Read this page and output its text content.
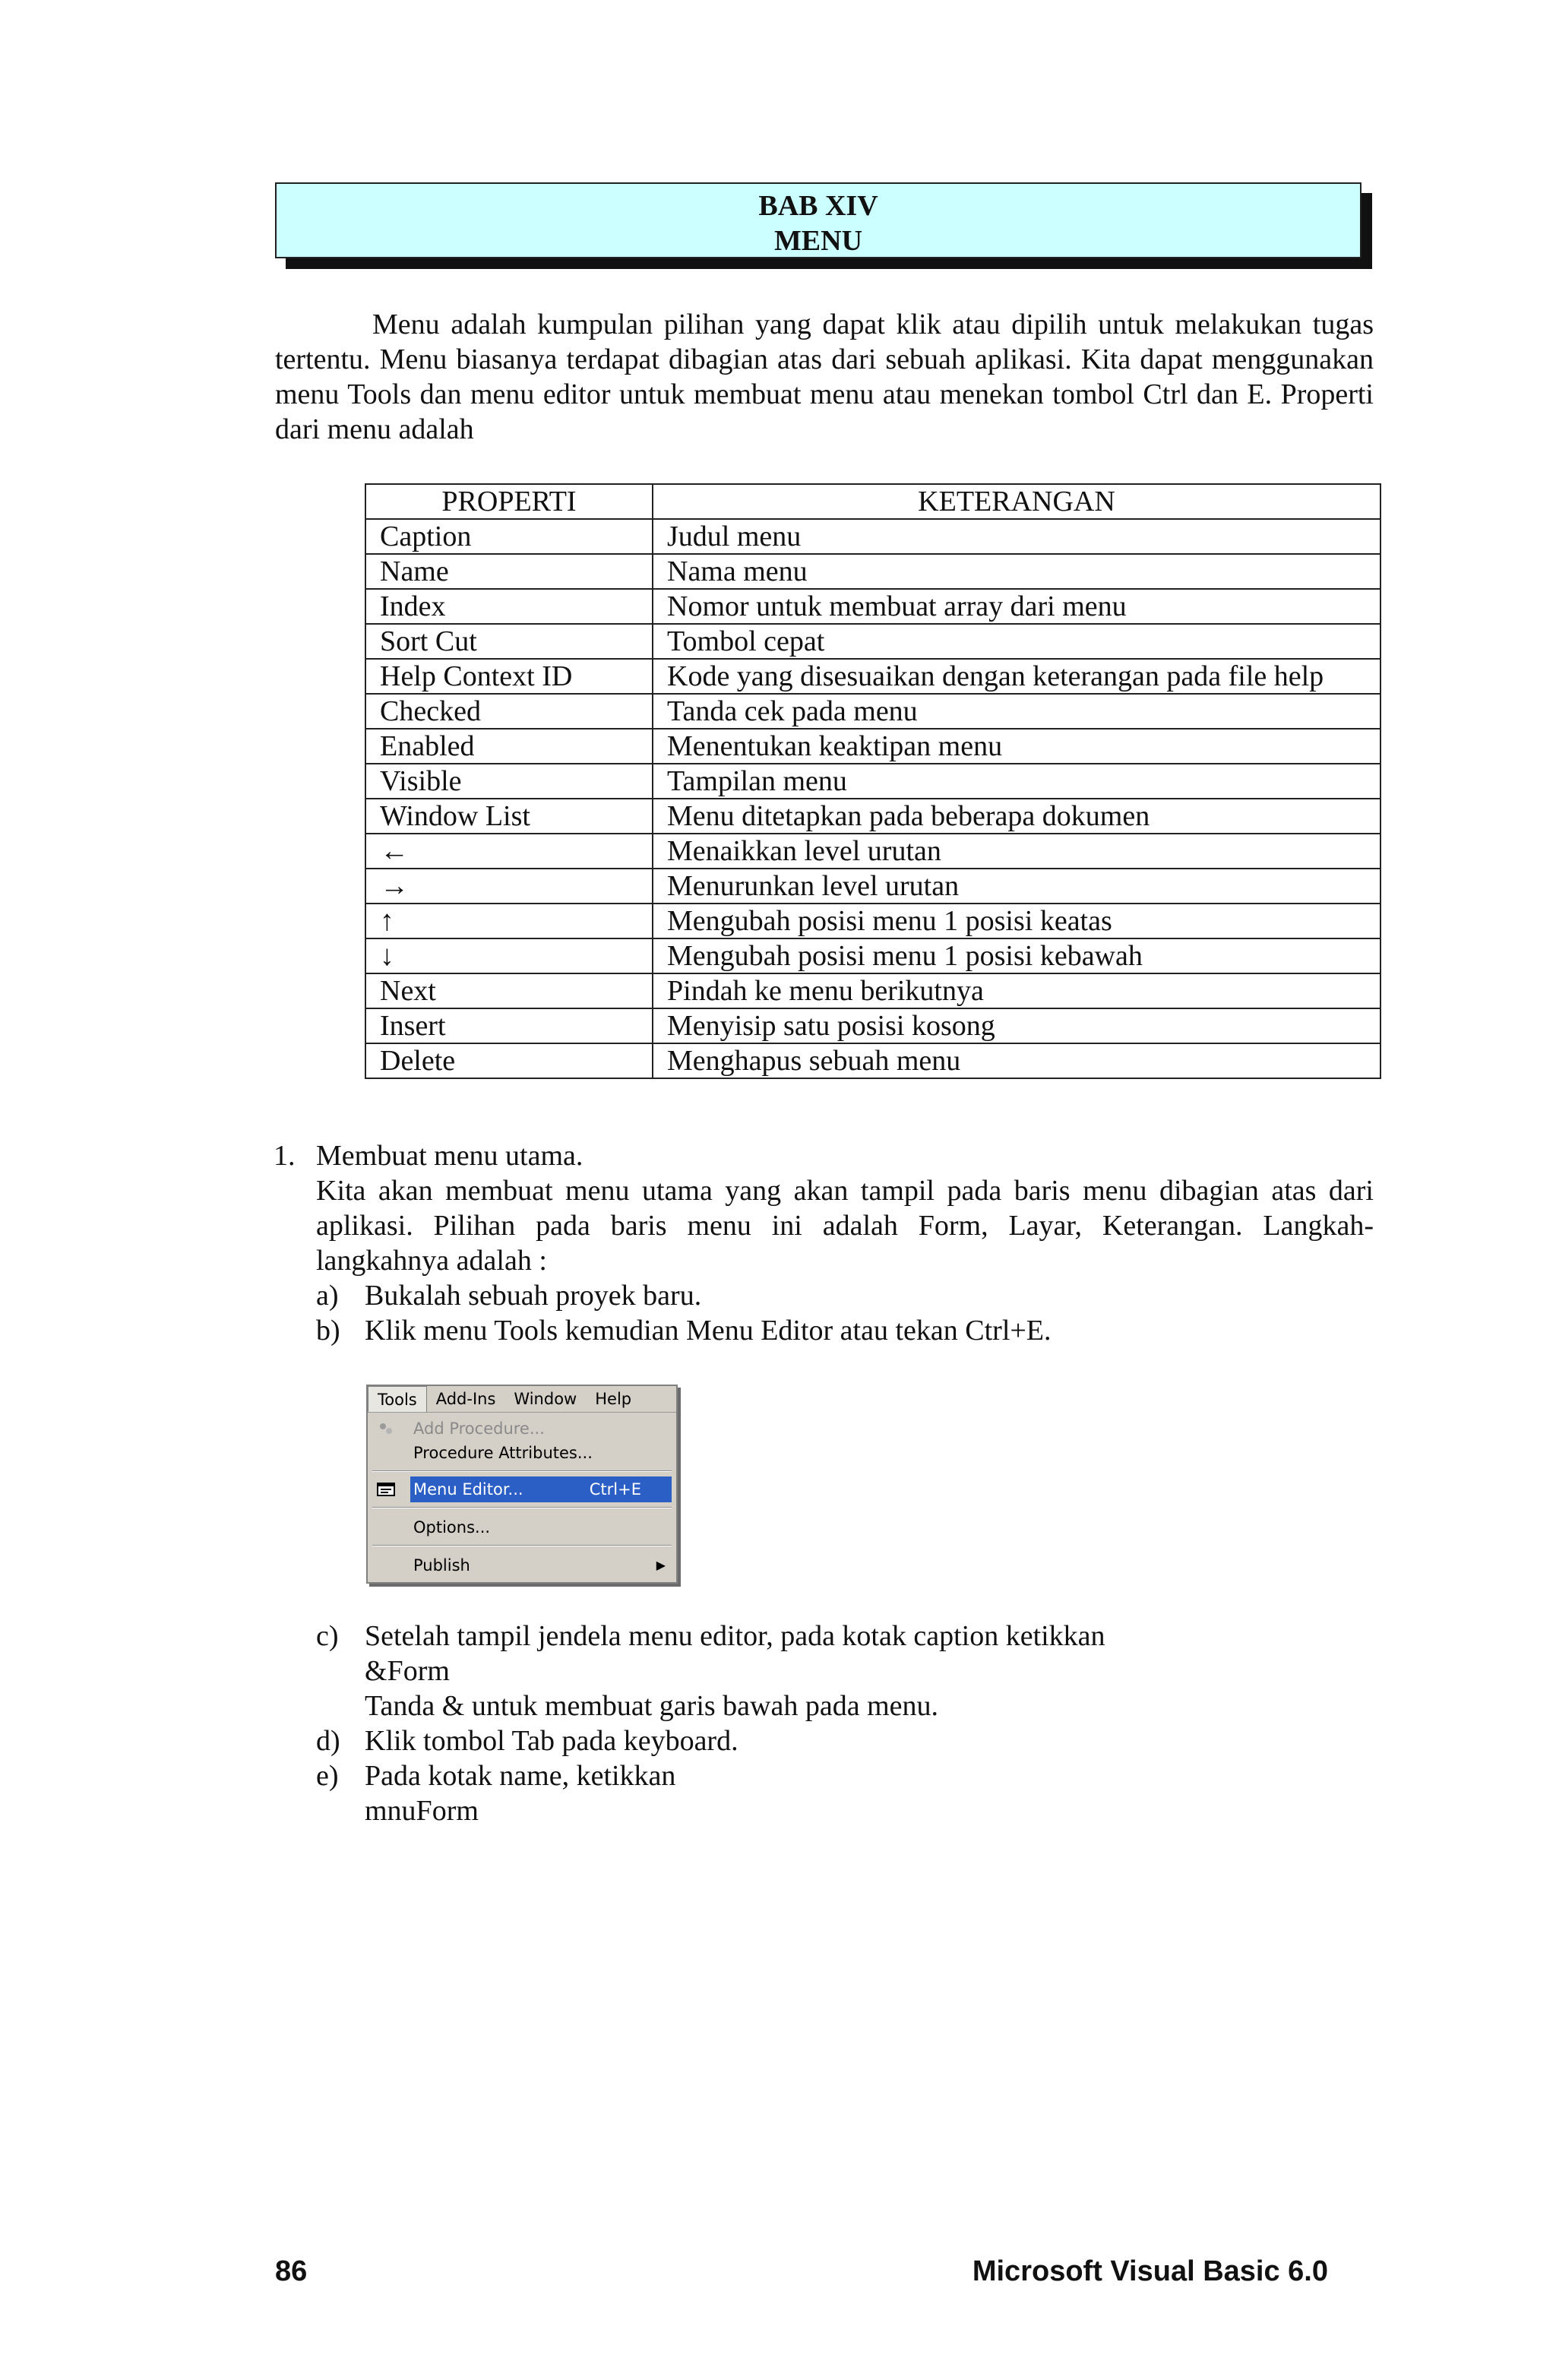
BAB XIV
MENU

Menu adalah kumpulan pilihan yang dapat klik atau dipilih untuk melakukan tugas tertentu. Menu biasanya terdapat dibagian atas dari sebuah aplikasi. Kita dapat menggunakan menu Tools dan menu editor untuk membuat menu atau menekan tombol Ctrl dan E. Properti dari menu adalah

PROPERTI	KETERANGAN
Caption	Judul menu
Name	Nama menu
Index	Nomor untuk membuat array dari menu
Sort Cut	Tombol cepat
Help Context ID	Kode yang disesuaikan dengan keterangan pada file help
Checked	Tanda cek pada menu
Enabled	Menentukan keaktipan menu
Visible	Tampilan menu
Window List	Menu ditetapkan pada beberapa dokumen
←	Menaikkan level urutan
→	Menurunkan level urutan
↑	Mengubah posisi menu 1 posisi keatas
↓	Mengubah posisi menu 1 posisi kebawah
Next	Pindah ke menu berikutnya
Insert	Menyisip satu posisi kosong
Delete	Menghapus sebuah menu
1. Membuat menu utama.
Kita akan membuat menu utama yang akan tampil pada baris menu dibagian atas dari aplikasi. Pilihan pada baris menu ini adalah Form, Layar, Keterangan. Langkah-langkahnya adalah :
a) Bukalah sebuah proyek baru.
b) Klik menu Tools kemudian Menu Editor atau tekan Ctrl+E.
Tools	Add-Ins	Window	Help
Add Procedure...
Procedure Attributes...
Menu Editor...	Ctrl+E
Options...
Publish	▶
c) Setelah tampil jendela menu editor, pada kotak caption ketikkan
&Form
Tanda & untuk membuat garis bawah pada menu.
d) Klik tombol Tab pada keyboard.
e) Pada kotak name, ketikkan
mnuForm
86	Microsoft Visual Basic 6.0
